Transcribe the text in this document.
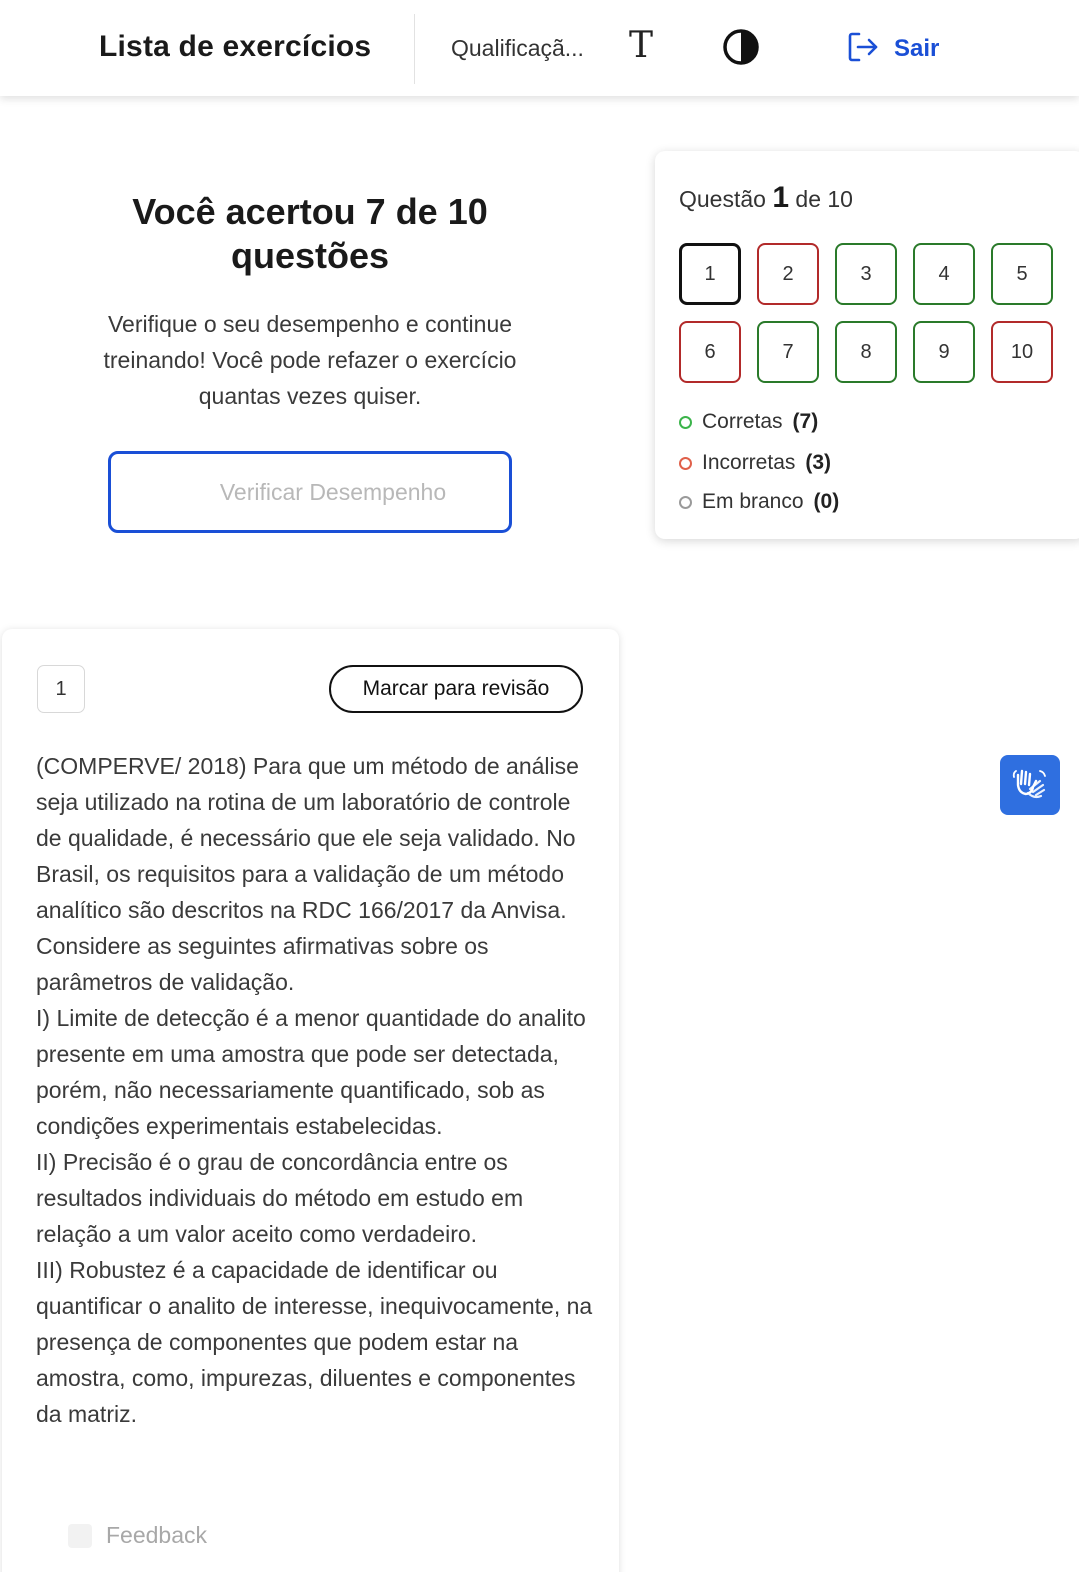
Lista de exercícios	Qualificaçã... T	Sair
Você acertou 7 de 10 questões
Verifique o seu desempenho e continue treinando! Você pode refazer o exercício quantas vezes quiser.
Verificar Desempenho
Questão 1 de 10
1	2	3	4	5
6	7	8	9	10
Corretas (7)
Incorretas (3)
Em branco (0)
1	Marcar para revisão

(COMPERVE/ 2018) Para que um método de análise seja utilizado na rotina de um laboratório de controle de qualidade, é necessário que ele seja validado. No Brasil, os requisitos para a validação de um método analítico são descritos na RDC 166/2017 da Anvisa. Considere as seguintes afirmativas sobre os parâmetros de validação.

I) Limite de detecção é a menor quantidade do analito presente em uma amostra que pode ser detectada, porém, não necessariamente quantificado, sob as condições experimentais estabelecidas.

II) Precisão é o grau de concordância entre os resultados individuais do método em estudo em relação a um valor aceito como verdadeiro.

III) Robustez é a capacidade de identificar ou quantificar o analito de interesse, inequivocamente, na presença de componentes que podem estar na amostra, como, impurezas, diluentes e componentes da matriz.

Feedback
